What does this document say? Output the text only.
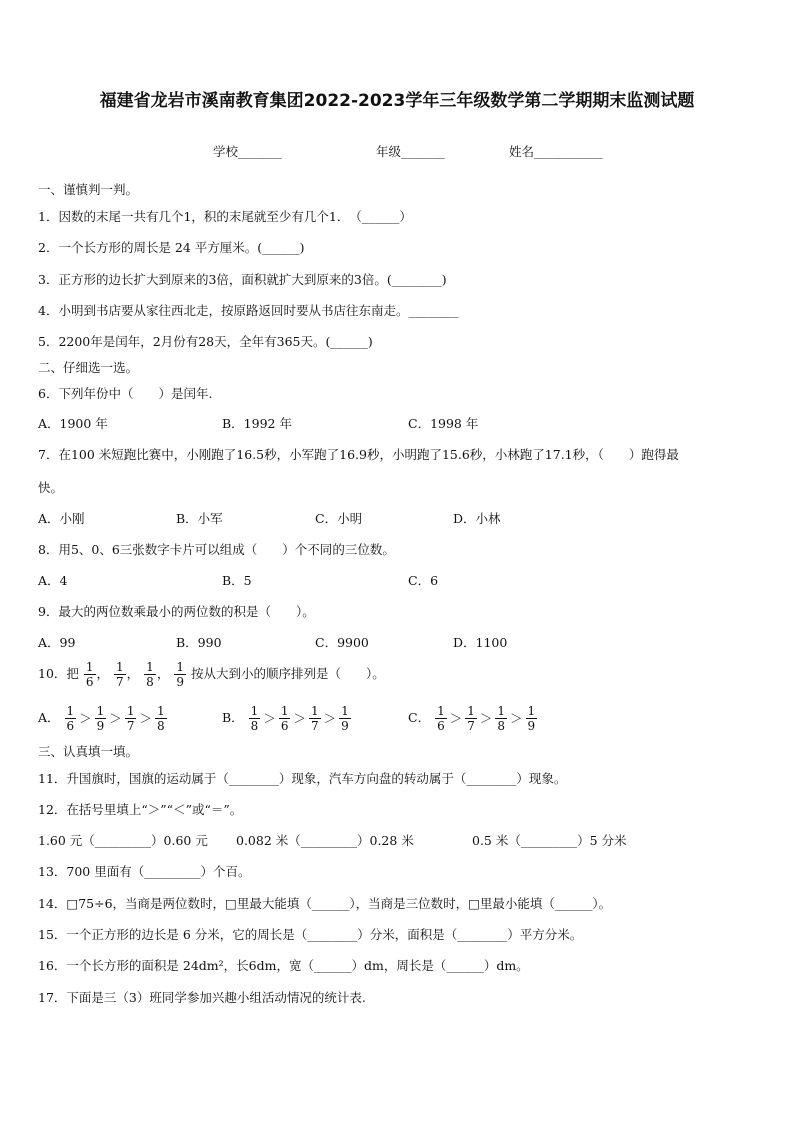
福建省龙岩市溪南教育集团2022-2023学年三年级数学第二学期期末监测试题
学校_______	年级_______	姓名___________
一、谨慎判一判。
1．因数的末尾一共有几个1，积的末尾就至少有几个1．　（______）
2．一个长方形的周长是 24 平方厘米。(______)
3．正方形的边长扩大到原来的3倍，面积就扩大到原来的3倍。(________)
4．小明到书店要从家往西北走，按原路返回时要从书店往东南走。________
5．2200年是闰年，2月份有28天，全年有365天。(______)
二、仔细选一选。
6．下列年份中（　　）是闰年.
A．1900 年	B．1992 年	C．1998 年
7．在100 米短跑比赛中，小刚跑了16.5秒，小军跑了16.9秒，小明跑了15.6秒，小林跑了17.1秒，（　　）跑得最
快。
A．小刚	B．小军	C．小明	D．小林
8．用5、0、6三张数字卡片可以组成（　　）个不同的三位数。
A．4	B．5	C．6
9．最大的两位数乘最小的两位数的积是（　　）。
A．99	B．990	C．9900	D．1100
10．把 $\frac{1}{6}$ ， $\frac{1}{7}$ ， $\frac{1}{8}$ ， $\frac{1}{9}$ 按从大到小的顺序排列是（　　）。
A． $\frac{1}{6} > \frac{1}{9} > \frac{1}{7} > \frac{1}{8}$	B． $\frac{1}{8} > \frac{1}{6} > \frac{1}{7} > \frac{1}{9}$	C． $\frac{1}{6} > \frac{1}{7} > \frac{1}{8} > \frac{1}{9}$
三、认真填一填。
11．升国旗时，国旗的运动属于（________）现象，汽车方向盘的转动属于（________）现象。
12．在括号里填上“＞”“＜”或“＝”。
1.60 元（_________）0.60 元 0.082 米（_________）0.28 米	0.5 米（_________）5 分米
13．700 里面有（_________）个百。
14．□75÷6，当商是两位数时，□里最大能填（______），当商是三位数时，□里最小能填（______）。
15．一个正方形的边长是 6 分米，它的周长是（________）分米，面积是（________）平方分米。
16．一个长方形的面积是 24dm²，长6dm，宽（______）dm，周长是（______）dm。
17．下面是三（3）班同学参加兴趣小组活动情况的统计表.
